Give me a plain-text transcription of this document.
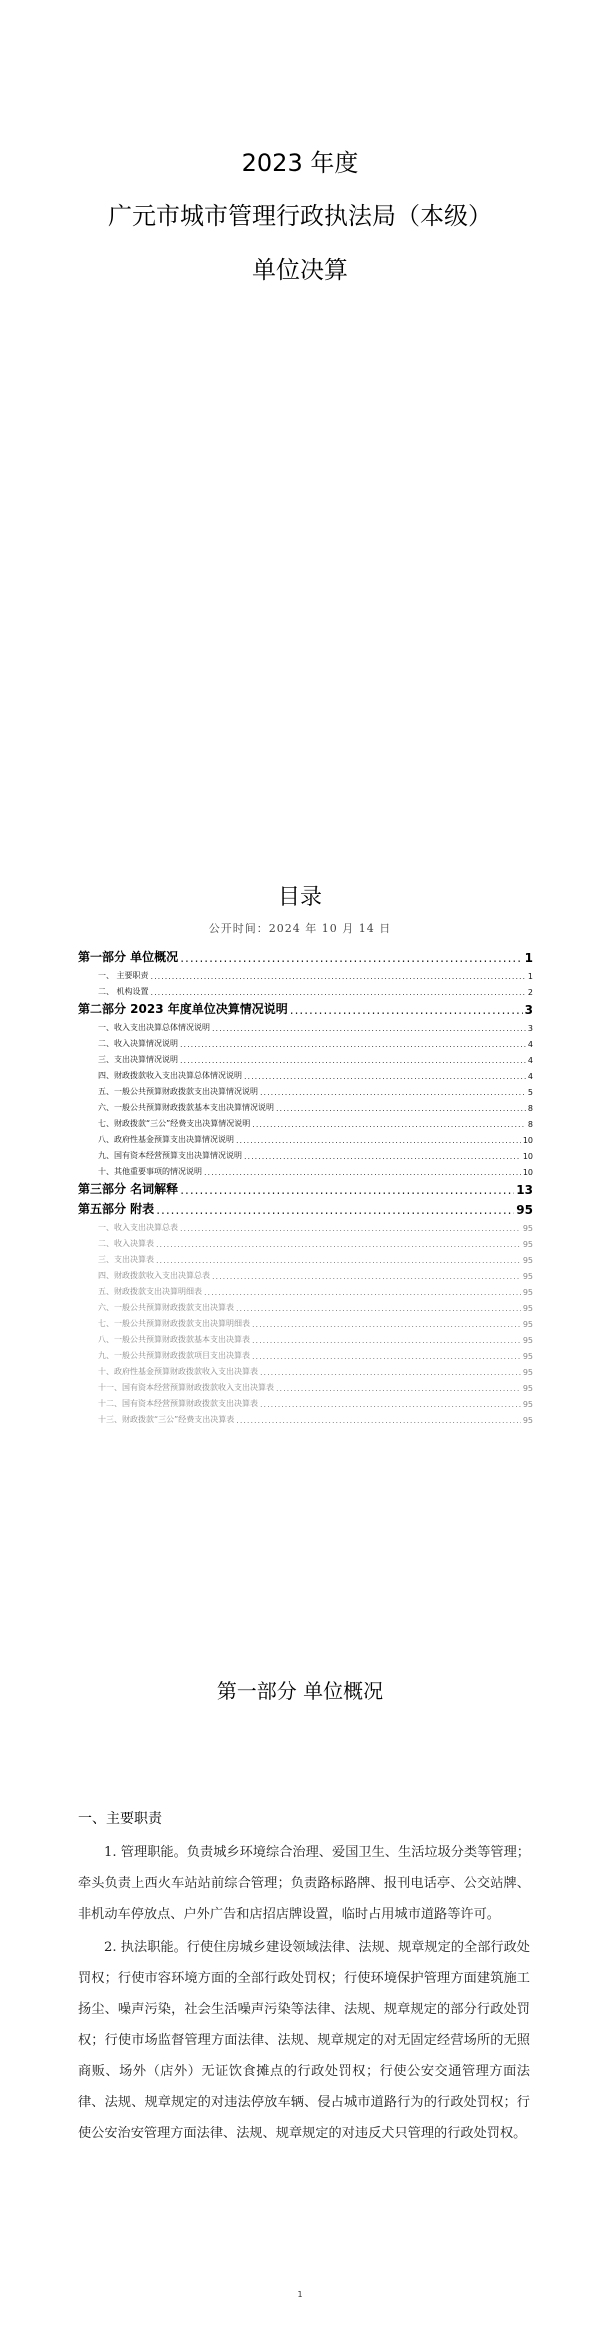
2023 年度
广元市城市管理行政执法局（本级）
单位决算
目录
公开时间：2024 年 10 月 14 日
第一部分 单位概况 .....	1
一、 主要职责 .....	1
二、 机构设置 .....	2
第二部分 2023 年度单位决算情况说明 .....	3
一、收入支出决算总体情况说明 .....	3
二、收入决算情况说明 .....	4
三、支出决算情况说明 .....	4
四、财政拨款收入支出决算总体情况说明 .....	4
五、一般公共预算财政拨款支出决算情况说明 .....	5
六、一般公共预算财政拨款基本支出决算情况说明 .....	8
七、财政拨款“三公”经费支出决算情况说明 .....	8
八、政府性基金预算支出决算情况说明 .....	10
九、国有资本经营预算支出决算情况说明 .....	10
十、其他重要事项的情况说明 .....	10
第三部分 名词解释 .....	13
第五部分 附表 .....	95
一、收入支出决算总表 .....	95
二、收入决算表 .....	95
三、支出决算表 .....	95
四、财政拨款收入支出决算总表 .....	95
五、财政拨款支出决算明细表 .....	95
六、一般公共预算财政拨款支出决算表 .....	95
七、一般公共预算财政拨款支出决算明细表 .....	95
八、一般公共预算财政拨款基本支出决算表 .....	95
九、一般公共预算财政拨款项目支出决算表 .....	95
十、政府性基金预算财政拨款收入支出决算表 .....	95
十一、国有资本经营预算财政拨款收入支出决算表 .....	95
十二、国有资本经营预算财政拨款支出决算表 .....	95
十三、财政拨款“三公”经费支出决算表 .....	95
第一部分 单位概况
一、主要职责
1. 管理职能。负责城乡环境综合治理、爱国卫生、生活垃圾分类等管理；牵头负责上西火车站站前综合管理；负责路标路牌、报刊电话亭、公交站牌、非机动车停放点、户外广告和店招店牌设置，临时占用城市道路等许可。
2. 执法职能。行使住房城乡建设领域法律、法规、规章规定的全部行政处罚权；行使市容环境方面的全部行政处罚权；行使环境保护管理方面建筑施工扬尘、噪声污染，社会生活噪声污染等法律、法规、规章规定的部分行政处罚权；行使市场监督管理方面法律、法规、规章规定的对无固定经营场所的无照商贩、场外（店外）无证饮食摊点的行政处罚权；行使公安交通管理方面法律、法规、规章规定的对违法停放车辆、侵占城市道路行为的行政处罚权；行使公安治安管理方面法律、法规、规章规定的对违反犬只管理的行政处罚权。
1
